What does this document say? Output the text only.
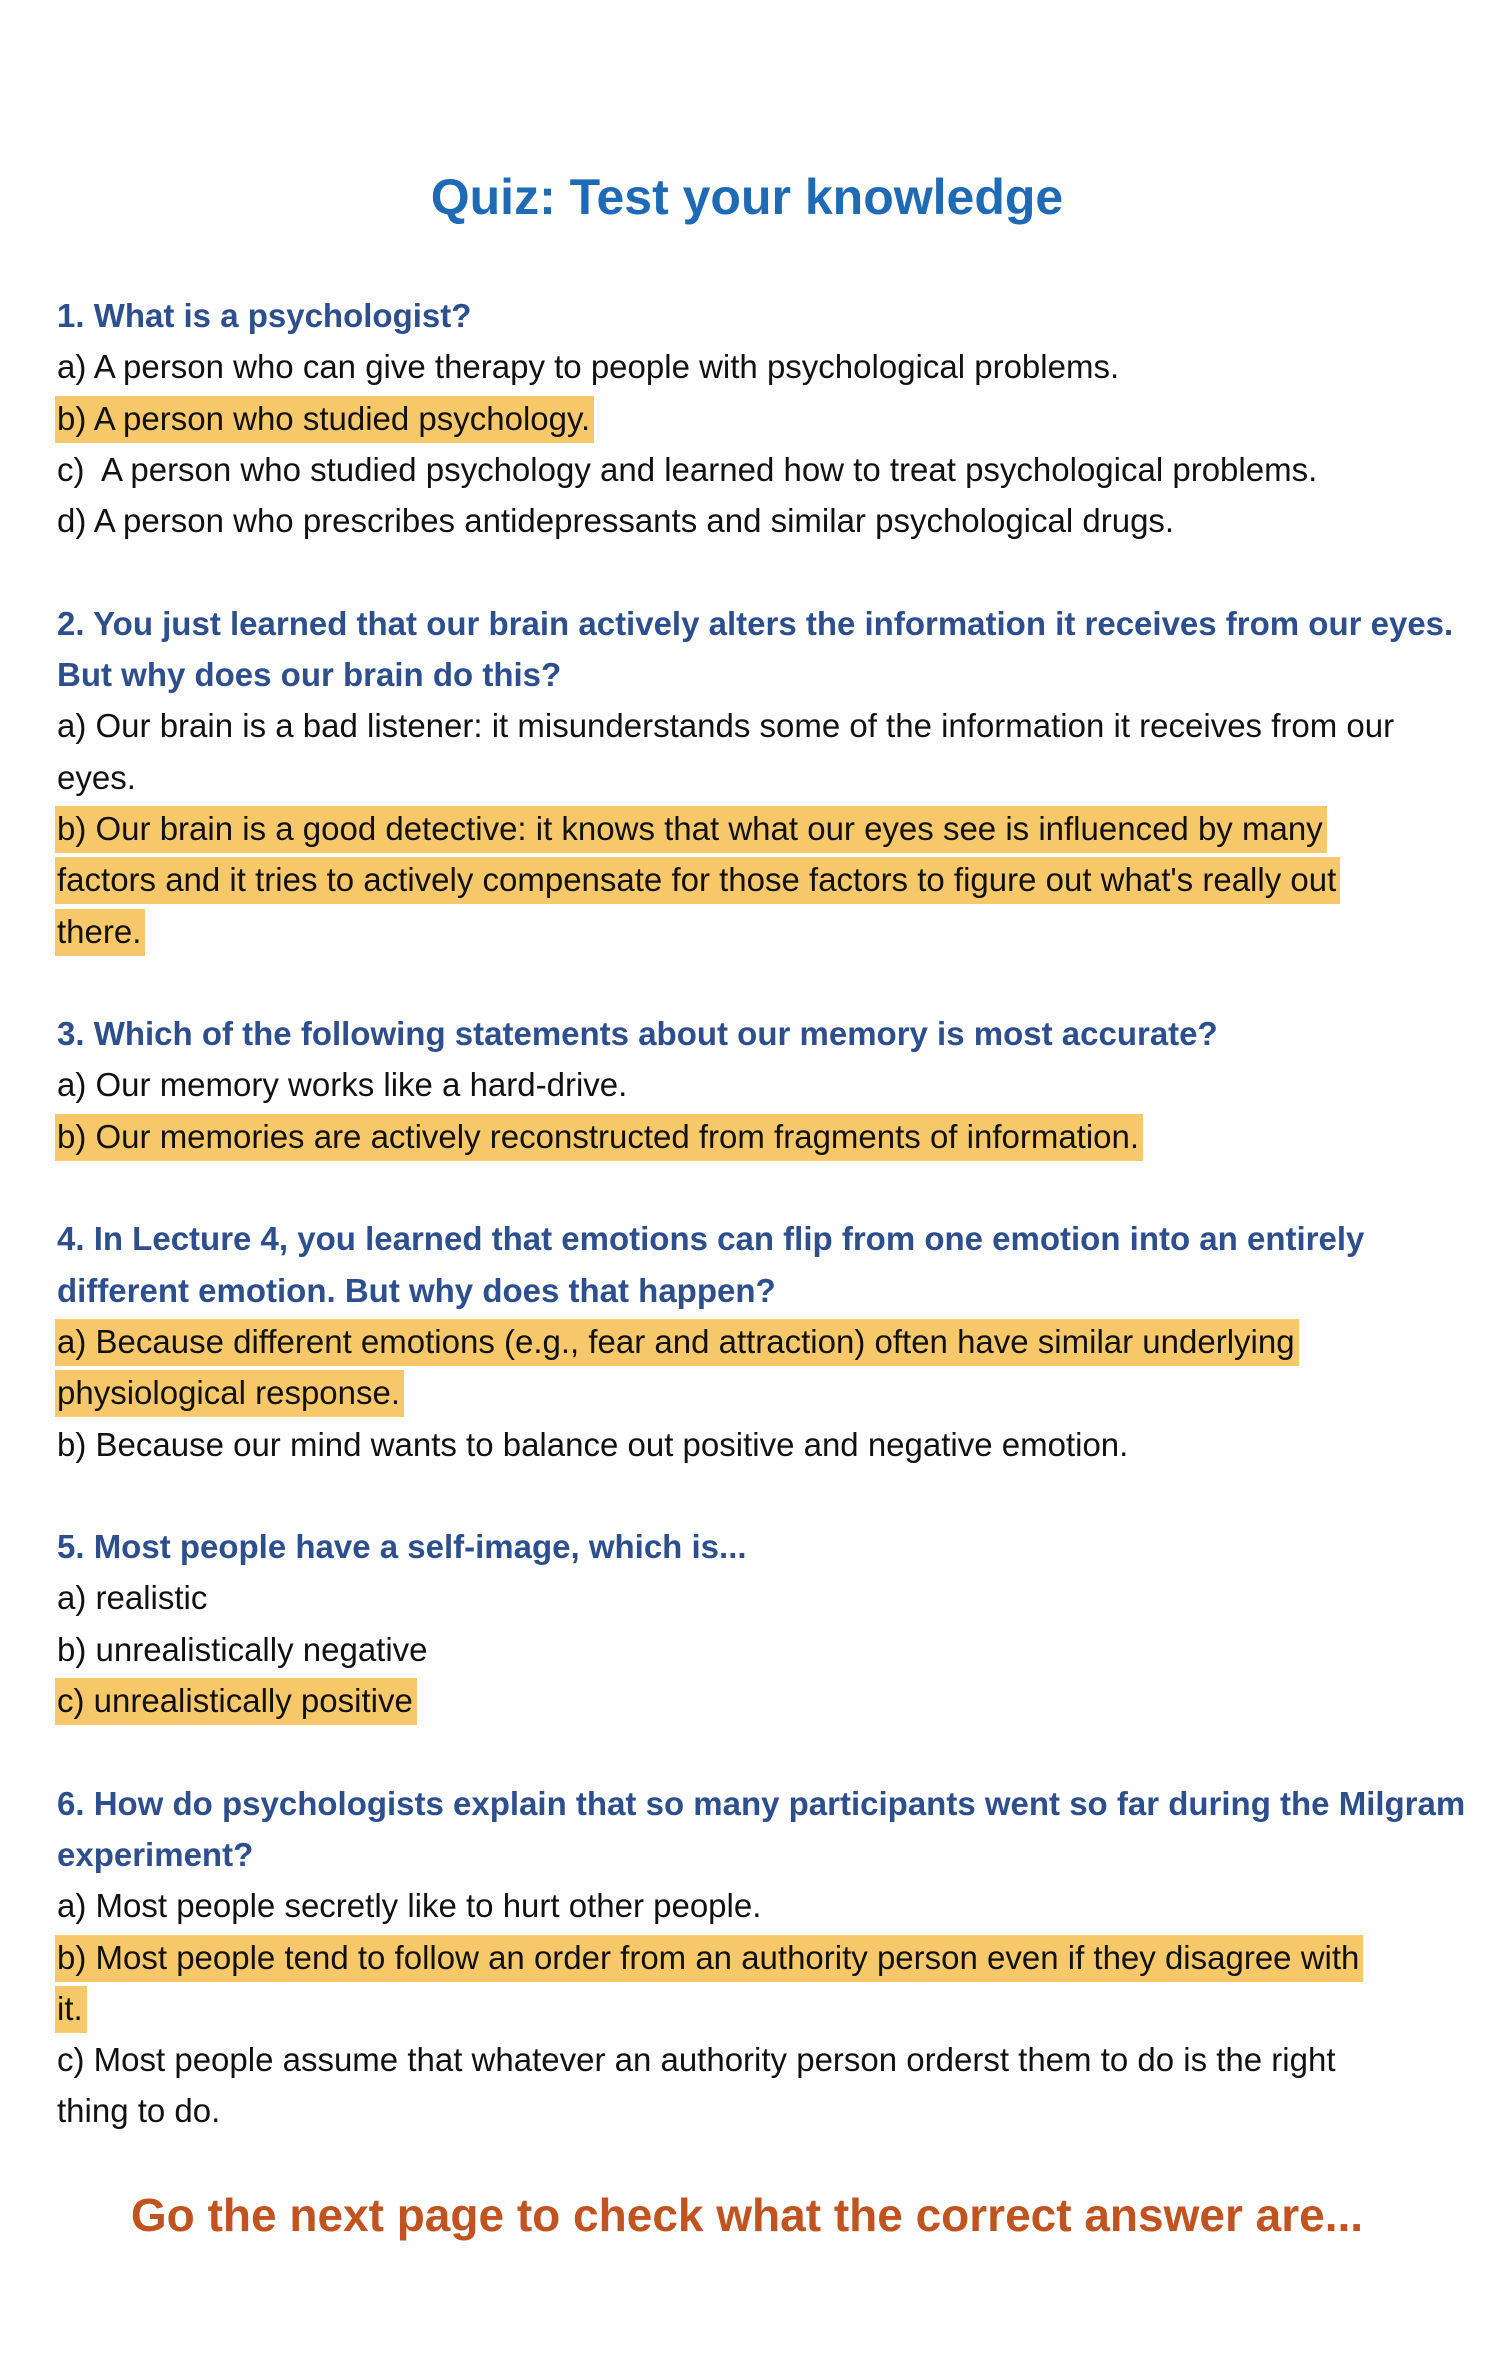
Quiz: Test your knowledge
1. What is a psychologist?
a) A person who can give therapy to people with psychological problems.
b) A person who studied psychology.
c)  A person who studied psychology and learned how to treat psychological problems.
d) A person who prescribes antidepressants and similar psychological drugs.
2. You just learned that our brain actively alters the information it receives from our eyes.
But why does our brain do this?
a) Our brain is a bad listener: it misunderstands some of the information it receives from our
eyes.
b) Our brain is a good detective: it knows that what our eyes see is influenced by many
factors and it tries to actively compensate for those factors to figure out what's really out
there.
3. Which of the following statements about our memory is most accurate?
a) Our memory works like a hard-drive.
b) Our memories are actively reconstructed from fragments of information.
4. In Lecture 4, you learned that emotions can flip from one emotion into an entirely
different emotion. But why does that happen?
a) Because different emotions (e.g., fear and attraction) often have similar underlying
physiological response.
b) Because our mind wants to balance out positive and negative emotion.
5. Most people have a self-image, which is...
a) realistic
b) unrealistically negative
c) unrealistically positive
6. How do psychologists explain that so many participants went so far during the Milgram
experiment?
a) Most people secretly like to hurt other people.
b) Most people tend to follow an order from an authority person even if they disagree with
it.
c) Most people assume that whatever an authority person orderst them to do is the right
thing to do.
Go the next page to check what the correct answer are...
